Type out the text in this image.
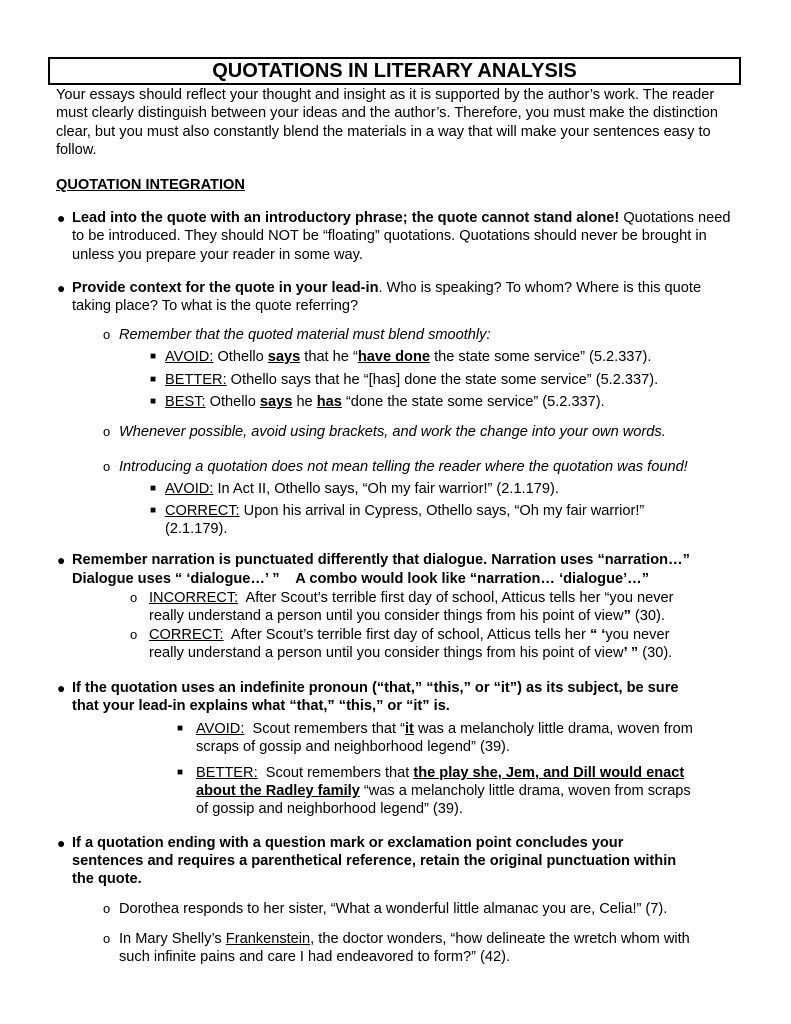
QUOTATIONS IN LITERARY ANALYSIS
Your essays should reflect your thought and insight as it is supported by the author’s work. The reader must clearly distinguish between your ideas and the author’s. Therefore, you must make the distinction clear, but you must also constantly blend the materials in a way that will make your sentences easy to follow.
QUOTATION INTEGRATION
● Lead into the quote with an introductory phrase; the quote cannot stand alone! Quotations need to be introduced. They should NOT be “floating” quotations. Quotations should never be brought in unless you prepare your reader in some way.
● Provide context for the quote in your lead-in. Who is speaking? To whom? Where is this quote taking place? To what is the quote referring?
o Remember that the quoted material must blend smoothly:
■ AVOID: Othello says that he “have done the state some service” (5.2.337).
■ BETTER: Othello says that he “[has] done the state some service” (5.2.337).
■ BEST: Othello says he has “done the state some service” (5.2.337).
o Whenever possible, avoid using brackets, and work the change into your own words.
o Introducing a quotation does not mean telling the reader where the quotation was found!
■ AVOID: In Act II, Othello says, “Oh my fair warrior!” (2.1.179).
■ CORRECT: Upon his arrival in Cypress, Othello says, “Oh my fair warrior!”
(2.1.179).
● Remember narration is punctuated differently that dialogue. Narration uses “narration…”
Dialogue uses “ ‘dialogue…’ ”    A combo would look like “narration… ‘dialogue’…”
o INCORRECT:  After Scout’s terrible first day of school, Atticus tells her “you never
really understand a person until you consider things from his point of view” (30).
o CORRECT:  After Scout’s terrible first day of school, Atticus tells her “ ‘you never
really understand a person until you consider things from his point of view’ ” (30).
● If the quotation uses an indefinite pronoun (“that,” “this,” or “it”) as its subject, be sure
that your lead-in explains what “that,” “this,” or “it” is.
■ AVOID:  Scout remembers that “it was a melancholy little drama, woven from
scraps of gossip and neighborhood legend” (39).
■ BETTER:  Scout remembers that the play she, Jem, and Dill would enact
about the Radley family “was a melancholy little drama, woven from scraps
of gossip and neighborhood legend” (39).
● If a quotation ending with a question mark or exclamation point concludes your
sentences and requires a parenthetical reference, retain the original punctuation within
the quote.
o Dorothea responds to her sister, “What a wonderful little almanac you are, Celia!” (7).
o In Mary Shelly’s Frankenstein, the doctor wonders, “how delineate the wretch whom with
such infinite pains and care I had endeavored to form?” (42).
